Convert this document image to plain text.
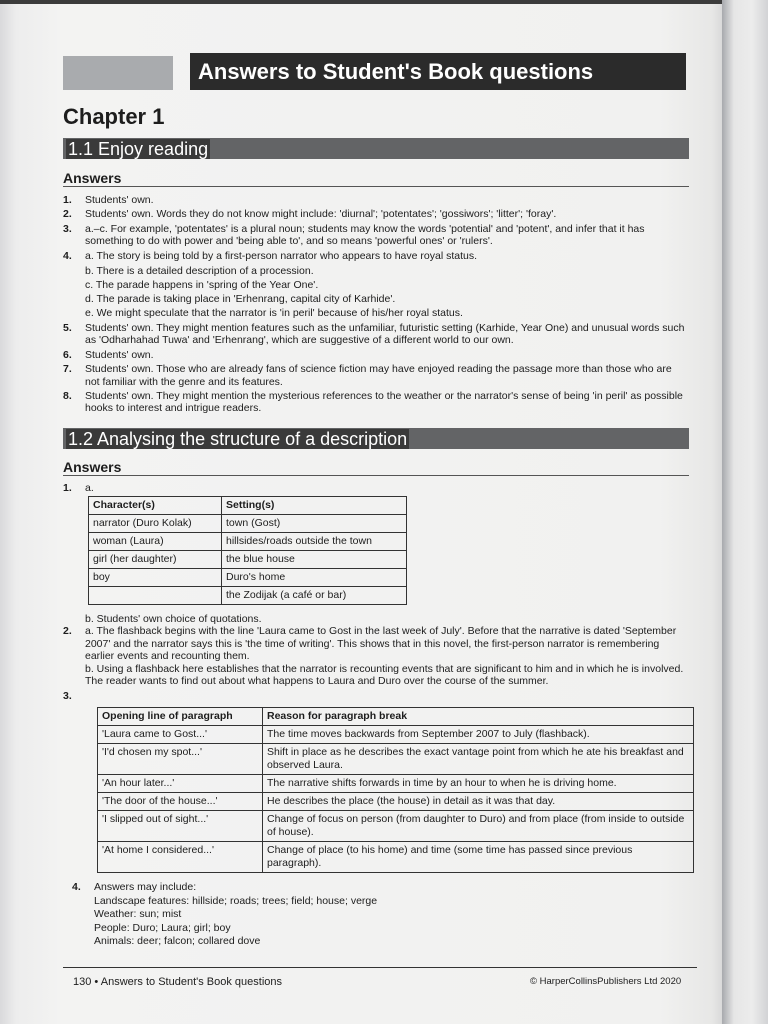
Answers to Student's Book questions
Chapter 1
1.1 Enjoy reading
Answers
1. Students' own.
2. Students' own. Words they do not know might include: 'diurnal'; 'potentates'; 'gossiwors'; 'litter'; 'foray'.
3. a.–c. For example, 'potentates' is a plural noun; students may know the words 'potential' and 'potent', and infer that it has something to do with power and 'being able to', and so means 'powerful ones' or 'rulers'.
4. a. The story is being told by a first-person narrator who appears to have royal status.
b. There is a detailed description of a procession.
c. The parade happens in 'spring of the Year One'.
d. The parade is taking place in 'Erhenrang, capital city of Karhide'.
e. We might speculate that the narrator is 'in peril' because of his/her royal status.
5. Students' own. They might mention features such as the unfamiliar, futuristic setting (Karhide, Year One) and unusual words such as 'Odharhahad Tuwa' and 'Erhenrang', which are suggestive of a different world to our own.
6. Students' own.
7. Students' own. Those who are already fans of science fiction may have enjoyed reading the passage more than those who are not familiar with the genre and its features.
8. Students' own. They might mention the mysterious references to the weather or the narrator's sense of being 'in peril' as possible hooks to interest and intrigue readers.
1.2 Analysing the structure of a description
Answers
1. a.
Character(s)	Setting(s)
narrator (Duro Kolak)	town (Gost)
woman (Laura)	hillsides/roads outside the town
girl (her daughter)	the blue house
boy	Duro's home
	the Zodijak (a café or bar)
b. Students' own choice of quotations.
2. a. The flashback begins with the line 'Laura came to Gost in the last week of July'. Before that the narrative is dated 'September 2007' and the narrator says this is 'the time of writing'. This shows that in this novel, the first-person narrator is remembering earlier events and recounting them.
b. Using a flashback here establishes that the narrator is recounting events that are significant to him and in which he is involved. The reader wants to find out about what happens to Laura and Duro over the course of the summer.
3.

Opening line of paragraph	Reason for paragraph break
'Laura came to Gost...'	The time moves backwards from September 2007 to July (flashback).
'I'd chosen my spot...'	Shift in place as he describes the exact vantage point from which he ate his breakfast and observed Laura.
'An hour later...'	The narrative shifts forwards in time by an hour to when he is driving home.
'The door of the house...'	He describes the place (the house) in detail as it was that day.
'I slipped out of sight...'	Change of focus on person (from daughter to Duro) and from place (from inside to outside of house).
'At home I considered...'	Change of place (to his home) and time (some time has passed since previous paragraph).
4. Answers may include:
Landscape features: hillside; roads; trees; field; house; verge
Weather: sun; mist
People: Duro; Laura; girl; boy
Animals: deer; falcon; collared dove
130 • Answers to Student's Book questions	© HarperCollinsPublishers Ltd 2020
